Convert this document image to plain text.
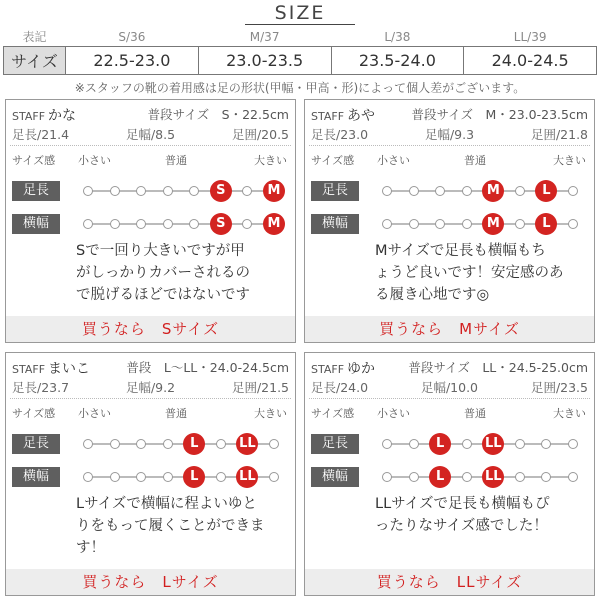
SIZE
表記	S/36	M/37	L/38	LL/39
サイズ	22.5-23.0	23.0-23.5	23.5-24.0	24.0-24.5
※スタッフの靴の着用感は足の形状(甲幅・甲高・形)によって個人差がございます。
STAFF かな	普段サイズ　S・22.5cm
足長/21.4	足幅/8.5	足囲/20.5
サイズ感 小さい	普通	大きい
足長
横幅
S	M
S	M
Sで一回り大きいですが甲
がしっかりカバーされるの
で脱げるほどではないです
買うなら　Sサイズ
STAFF あや	普段サイズ　M・23.0-23.5cm
足長/23.0	足幅/9.3	足囲/21.8
サイズ感 小さい	普通	大きい
足長
横幅
M	L
M	L
Mサイズで足長も横幅もち
ょうど良いです！安定感のあ
る履き心地です◎
買うなら　Mサイズ
STAFF まいこ	普段　L〜LL・24.0-24.5cm
足長/23.7	足幅/9.2	足囲/21.5
サイズ感 小さい	普通	大きい
足長
横幅
L	LL
L	LL
Lサイズで横幅に程よいゆと
りをもって履くことができま
す！
買うなら　Lサイズ
STAFF ゆか	普段サイズ　LL・24.5-25.0cm
足長/24.0	足幅/10.0	足囲/23.5
サイズ感 小さい	普通	大きい
足長
横幅
L	LL
L	LL
LLサイズで足長も横幅もぴ
ったりなサイズ感でした！
買うなら　LLサイズ
